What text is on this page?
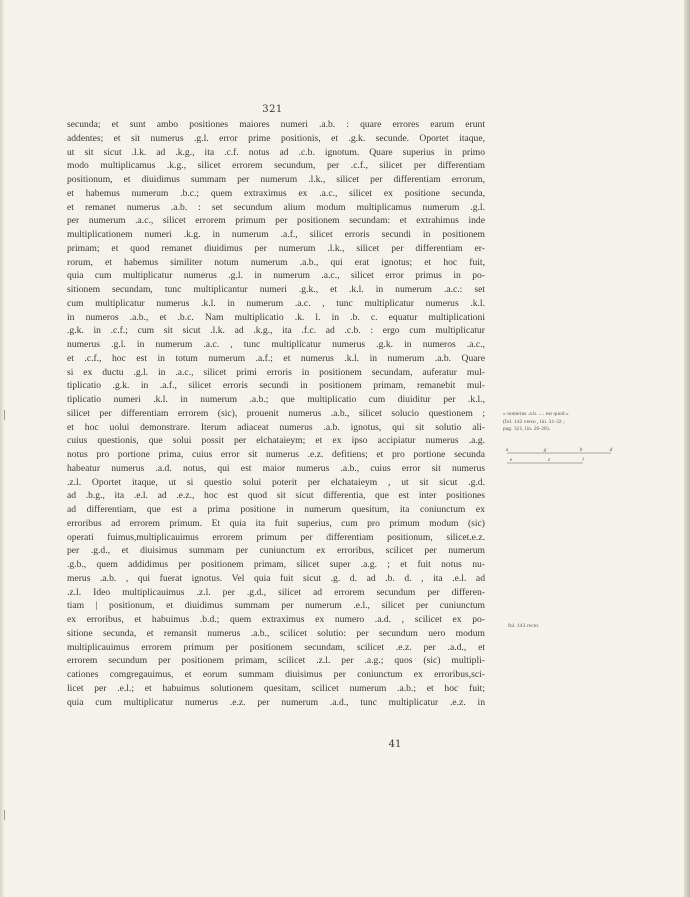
321
secunda; et sunt ambo positiones maiores numeri .a.b. : quare errores earum erunt
addentes; et sit numerus .g.l. error prime positionis, et .g.k. secunde. Oportet itaque,
ut sit sicut .l.k. ad .k.g., ita .c.f. notus ad .c.b. ignotum. Quare superius in primo
modo multiplicamus .k.g., silicet errorem secundum, per .c.f., silicet per differentiam
positionum, et diuidimus summam per numerum .l.k., silicet per differentiam errorum,
et habemus numerum .b.c.; quem extraximus ex .a.c., silicet ex positione secunda,
et remanet numerus .a.b. : set secundum alium modum multiplicamus numerum .g.l.
per numerum .a.c., silicet errorem primum per positionem secundam: et extrahimus inde
multiplicationem numeri .k.g. in numerum .a.f., silicet erroris secundi in positionem
primam; et quod remanet diuidimus per numerum .l.k., silicet per differentiam er-
rorum, et habemus similiter notum numerum .a.b., qui erat ignotus; et hoc fuit,
quia cum multiplicatur numerus .g.l. in numerum .a.c., silicet error primus in po-
sitionem secundam, tunc multiplicantur numeri .g.k., et .k.l. in numerum .a.c.: set
cum multiplicatur numerus .k.l. in numerum .a.c. , tunc multiplicatur numerus .k.l.
in numeros .a.b., et .b.c. Nam multiplicatio .k. l. in .b. c. equatur multiplicationi
.g.k. in .c.f.; cum sit sicut .l.k. ad .k.g., ita .f.c. ad .c.b. : ergo cum multiplicatur
numerus .g.l. in numerum .a.c. , tunc multiplicatur numerus .g.k. in numeros .a.c.,
et .c.f., hoc est in totum numerum .a.f.; et numerus .k.l. in numerum .a.b. Quare
si ex ductu .g.l. in .a.c., silicet primi erroris in positionem secundam, auferatur mul-
tiplicatio .g.k. in .a.f., silicet erroris secundi in positionem primam, remanebit mul-
tiplicatio numeri .k.l. in numerum .a.b.; que multiplicatio cum diuiditur per .k.l.,
silicet per differentiam errorem (sic), prouenit numerus .a.b., silicet solucio questionem ;
et hoc uolui demonstrare. Iterum adiaceat numerus .a.b. ignotus, qui sit solutio ali-
cuius questionis, que solui possit per elchataieym; et ex ipso accipiatur numerus .a.g.
notus pro portione prima, cuius error sit numerus .e.z. defitiens; et pro portione secunda
habeatur numerus .a.d. notus, qui est maior numerus .a.b., cuius error sit numerus
.z.l. Oportet itaque, ut si questio solui poterit per elchataieym , ut sit sicut .g.d.
ad .b.g., ita .e.l. ad .e.z., hoc est quod sit sicut differentia, que est inter positiones
ad differentiam, que est a prima positione in numerum quesitum, ita coniunctum ex
erroribus ad errorem primum. Et quia ita fuit superius, cum pro primum modum (sic)
operati fuimus,multiplicauimus errorem primum per differentiam positionum, silicet.e.z.
per .g.d., et diuisimus summam per cuniunctum ex erroribus, scilicet per numerum
.g.b., quem addidimus per positionem primam, silicet super .a.g. ; et fuit notus nu-
merus .a.b. , qui fuerat ignotus. Vel quia fuit sicut .g. d. ad .b. d. , ita .e.l. ad
.z.l. Ideo multiplicauimus .z.l. per .g.d., silicet ad errorem secundum per differen-
tiam | positionum, et diuidimus summam per numerum .e.l., silicet per cuniunctum
ex erroribus, et habuimus .b.d.; quem extraximus ex numero .a.d. , scilicet ex po-
sitione secunda, et remansit numerus .a.b., scilicet solutio: per secundum uero modum
multiplicauimus errorem primum per positionem secundam, scilicet .e.z. per .a.d., et
errorem secundum per positionem primam, scilicet .z.l. per .a.g.; quos (sic) multipli-
cationes comgregauimus, et eorum summam diuisimus per coniunctum ex erroribus,sci-
licet per .e.l.; et habuimus solutionem quesitam, scilicet numerum .a.b.; et hoc fuit;
quia cum multiplicatur numerus .e.z. per numerum .a.d., tunc multiplicatur .e.z. in
41
« numerus .a.b. .... est quod »
(fol. 142 verso , lin. 31-32 ;
pag. 321, lin. 26-28).
a	g	b	d
e	z	l
fol. 143 recto.
